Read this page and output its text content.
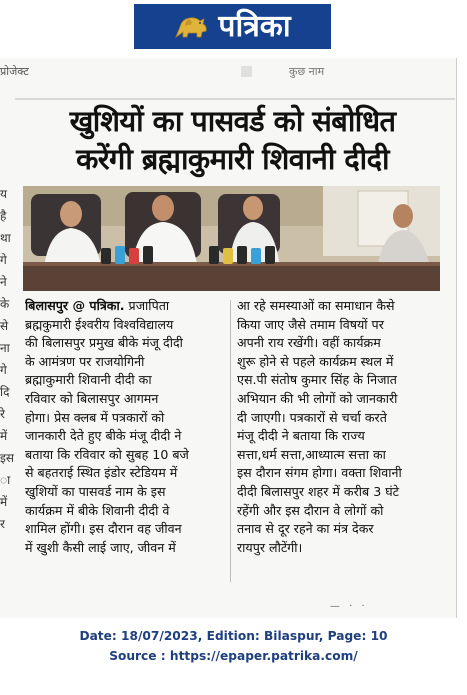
पत्रिका
प्रोजेक्ट	कुछ नाम
य
है
था
गे
ने
के
से
ना
गे
दि
रे
में
इस
ा
में
र
खुशियों का पासवर्ड को संबोधित
करेंगी ब्रह्माकुमारी शिवानी दीदी
बिलासपुर @ पत्रिका. प्रजापिता
ब्रह्मकुमारी ईश्वरीय विश्वविद्यालय
की बिलासपुर प्रमुख बीके मंजू दीदी
के आमंत्रण पर राजयोगिनी
ब्रह्माकुमारी शिवानी दीदी का
रविवार को बिलासपुर आगमन
होगा। प्रेस क्लब में पत्रकारों को
जानकारी देते हुए बीके मंजू दीदी ने
बताया कि रविवार को सुबह 10 बजे
से बहतराई स्थित इंडोर स्टेडियम में
खुशियों का पासवर्ड नाम के इस
कार्यक्रम में बीके शिवानी दीदी वे
शामिल होंगी। इस दौरान वह जीवन
में खुशी कैसी लाई जाए, जीवन में
आ रहे समस्याओं का समाधान कैसे
किया जाए जैसे तमाम विषयों पर
अपनी राय रखेंगी। वहीं कार्यक्रम
शुरू होने से पहले कार्यक्रम स्थल में
एस.पी संतोष कुमार सिंह के निजात
अभियान की भी लोगों को जानकारी
दी जाएगी। पत्रकारों से चर्चा करते
मंजू दीदी ने बताया कि राज्य
सत्ता,धर्म सत्ता,आध्यात्म सत्ता का
इस दौरान संगम होगा। वक्ता शिवानी
दीदी बिलासपुर शहर में करीब 3 घंटे
रहेंगी और इस दौरान वे लोगों को
तनाव से दूर रहने का मंत्र देकर
रायपुर लौटेंगी।
— · ·
Date: 18/07/2023, Edition: Bilaspur, Page: 10
Source : https://epaper.patrika.com/
